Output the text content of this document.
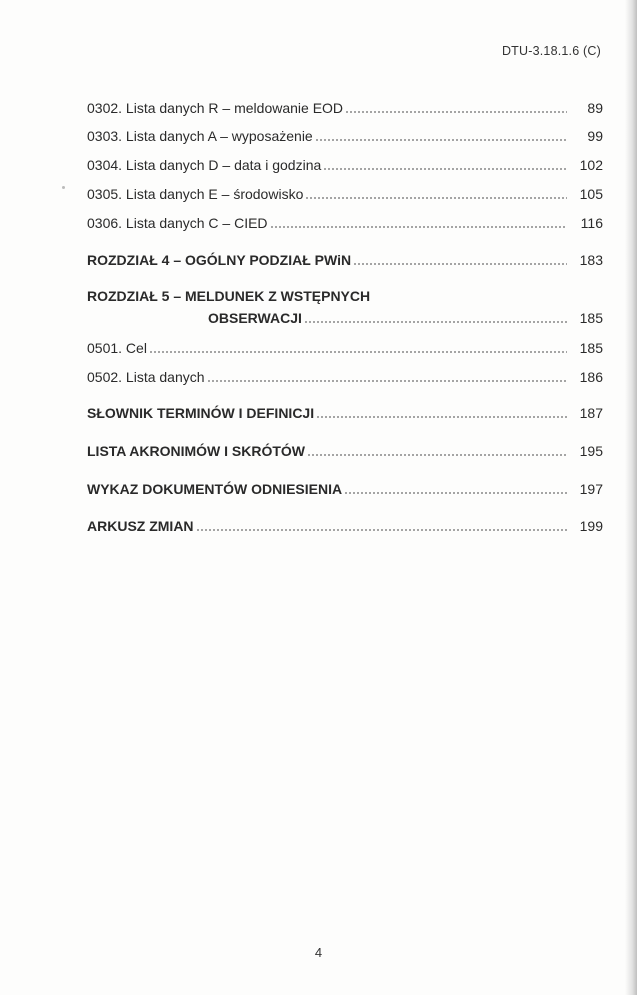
DTU-3.18.1.6 (C)
0302. Lista danych R – meldowanie EOD	89
0303. Lista danych A – wyposażenie	99
0304. Lista danych D – data i godzina	102
0305. Lista danych E – środowisko	105
0306. Lista danych C – CIED	116
ROZDZIAŁ 4 – OGÓLNY PODZIAŁ PWiN	183
ROZDZIAŁ 5 – MELDUNEK Z WSTĘPNYCH
OBSERWACJI	185
0501. Cel	185
0502. Lista danych	186
SŁOWNIK TERMINÓW I DEFINICJI	187
LISTA AKRONIMÓW I SKRÓTÓW	195
WYKAZ DOKUMENTÓW ODNIESIENIA	197
ARKUSZ ZMIAN	199
4
